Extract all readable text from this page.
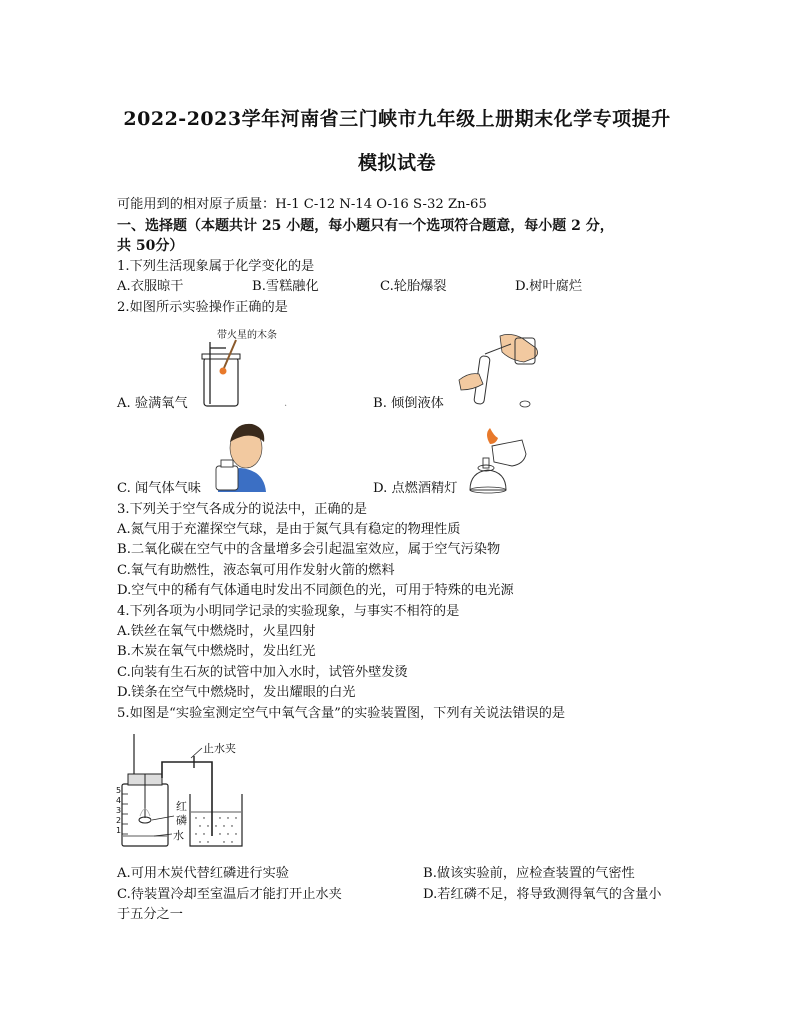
2022-2023学年河南省三门峡市九年级上册期末化学专项提升
模拟试卷
可能用到的相对原子质量：H-1 C-12 N-14 O-16 S-32 Zn-65
一、选择题（本题共计 25 小题，每小题只有一个选项符合题意，每小题 2 分，
共 50分）
1.下列生活现象属于化学变化的是
A.衣服晾干	B.雪糕融化	C.轮胎爆裂	D.树叶腐烂
2.如图所示实验操作正确的是
带火星的木条
A. 验满氧气	.	B. 倾倒液体
C. 闻气体气味	D. 点燃酒精灯
3.下列关于空气各成分的说法中，正确的是
A.氮气用于充灌探空气球，是由于氮气具有稳定的物理性质
B.二氧化碳在空气中的含量增多会引起温室效应，属于空气污染物
C.氧气有助燃性，液态氧可用作发射火箭的燃料
D.空气中的稀有气体通电时发出不同颜色的光，可用于特殊的电光源
4.下列各项为小明同学记录的实验现象，与事实不相符的是
A.铁丝在氧气中燃烧时，火星四射
B.木炭在氧气中燃烧时，发出红光
C.向装有生石灰的试管中加入水时，试管外壁发烫
D.镁条在空气中燃烧时，发出耀眼的白光
5.如图是“实验室测定空气中氧气含量”的实验装置图，下列有关说法错误的是
5
4
3
2
1
止水夹
红
磷
水
A.可用木炭代替红磷进行实验	B.做该实验前，应检查装置的气密性
C.待装置冷却至室温后才能打开止水夹	D.若红磷不足，将导致测得氧气的含量小
于五分之一
